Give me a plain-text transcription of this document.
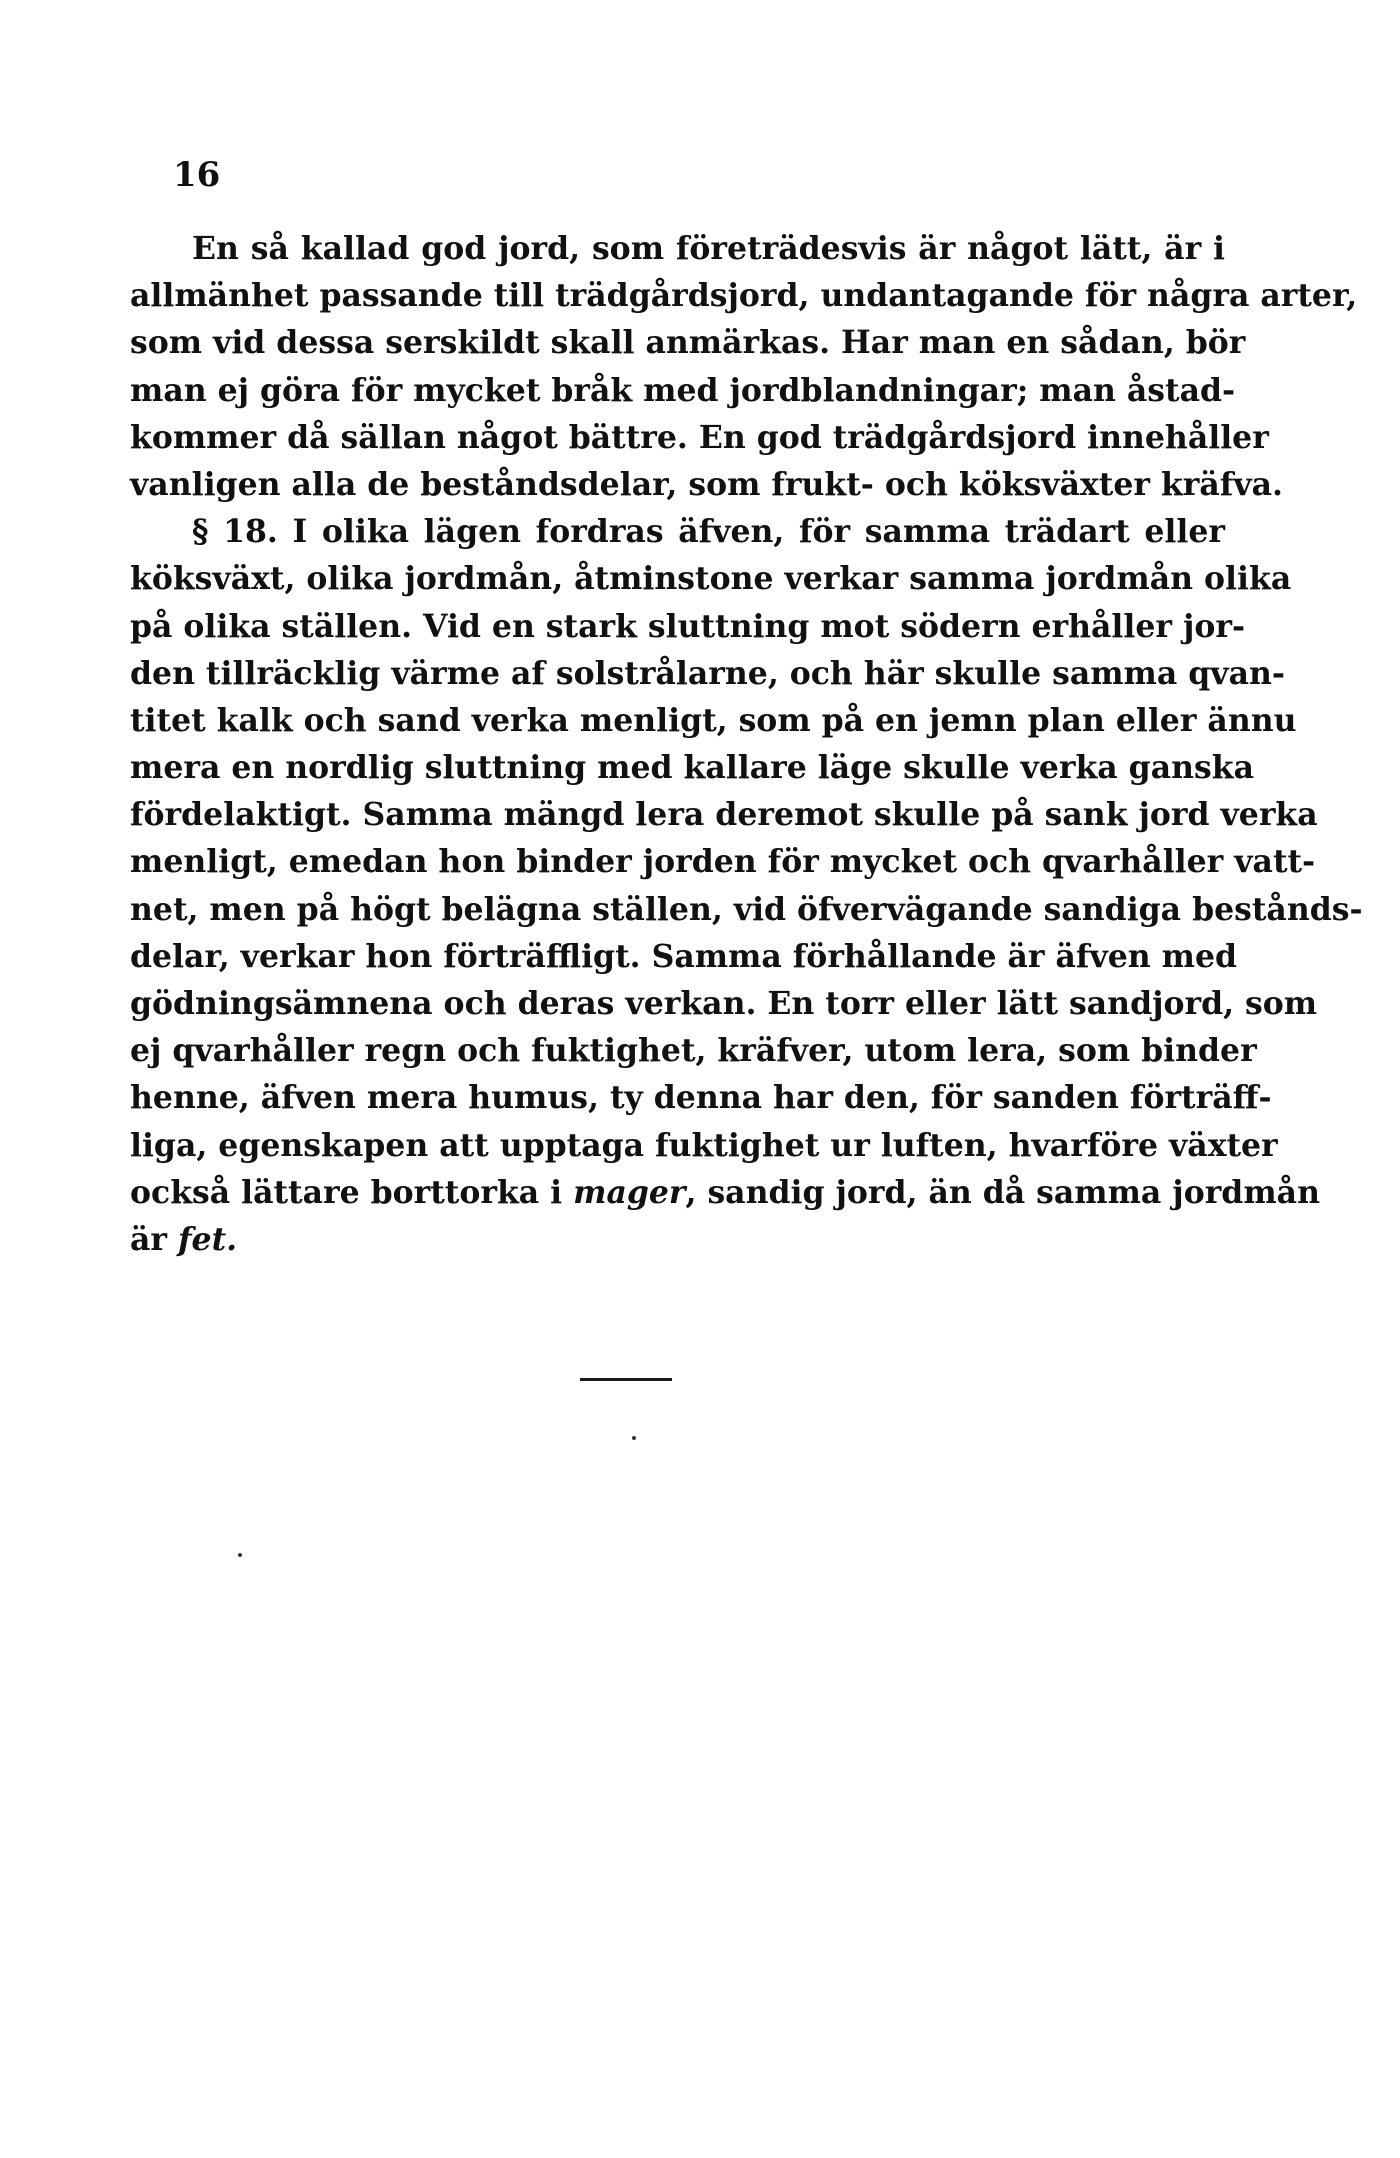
16
En så kallad god jord, som företrädesvis är något lätt, är i
allmänhet passande till trädgårdsjord, undantagande för några arter,
som vid dessa serskildt skall anmärkas. Har man en sådan, bör
man ej göra för mycket bråk med jordblandningar; man åstad-
kommer då sällan något bättre. En god trädgårdsjord innehåller
vanligen alla de beståndsdelar, som frukt- och köksväxter kräfva.
§ 18. I olika lägen fordras äfven, för samma trädart eller
köksväxt, olika jordmån, åtminstone verkar samma jordmån olika
på olika ställen. Vid en stark sluttning mot södern erhåller jor-
den tillräcklig värme af solstrålarne, och här skulle samma qvan-
titet kalk och sand verka menligt, som på en jemn plan eller ännu
mera en nordlig sluttning med kallare läge skulle verka ganska
fördelaktigt. Samma mängd lera deremot skulle på sank jord verka
menligt, emedan hon binder jorden för mycket och qvarhåller vatt-
net, men på högt belägna ställen, vid öfvervägande sandiga bestånds-
delar, verkar hon förträffligt. Samma förhållande är äfven med
gödningsämnena och deras verkan. En torr eller lätt sandjord, som
ej qvarhåller regn och fuktighet, kräfver, utom lera, som binder
henne, äfven mera humus, ty denna har den, för sanden förträff-
liga, egenskapen att upptaga fuktighet ur luften, hvarföre växter
också lättare borttorka i mager, sandig jord, än då samma jordmån
är fet.
